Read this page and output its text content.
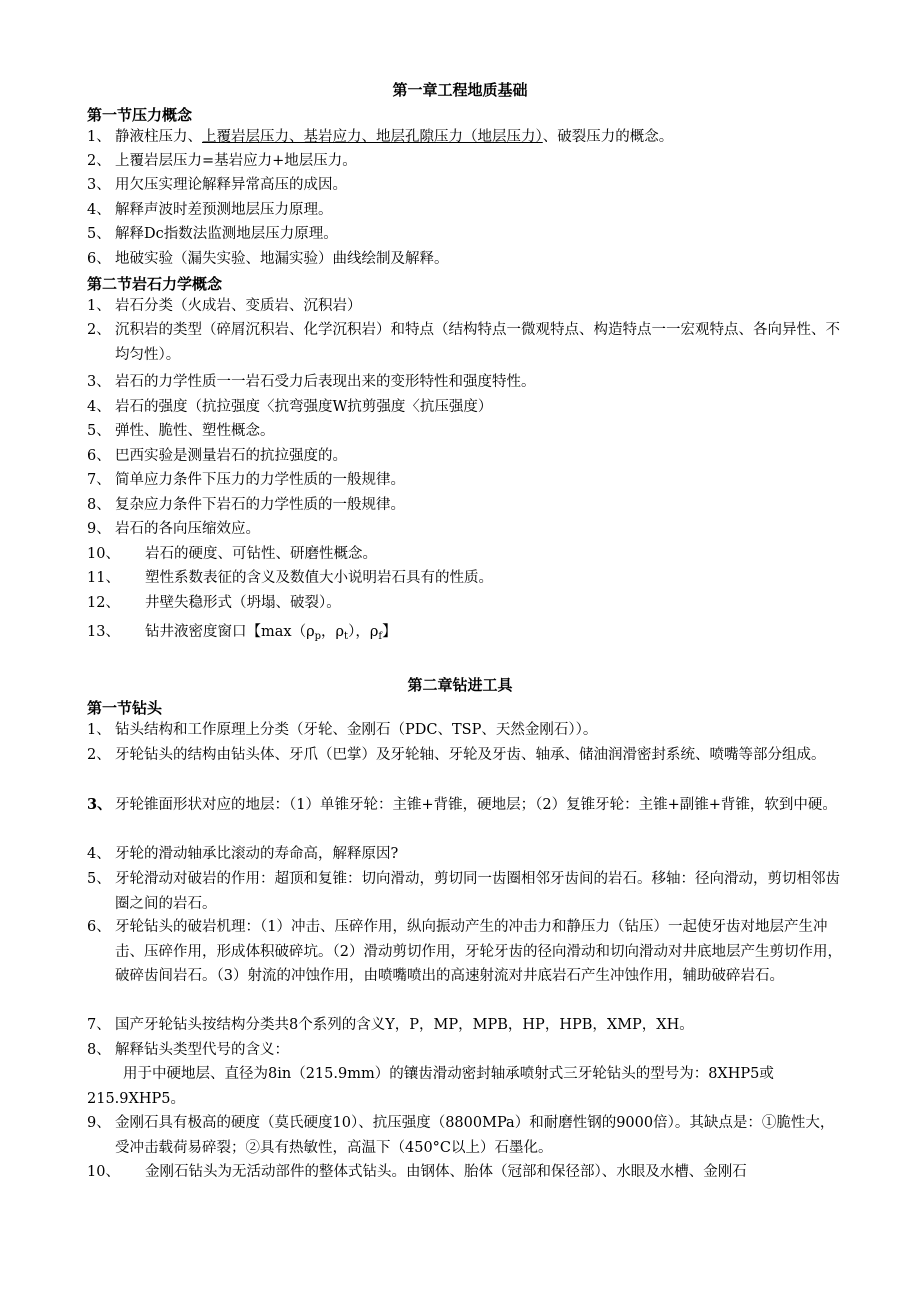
第一章工程地质基础
第一节压力概念
1、 静液柱压力、上覆岩层压力、基岩应力、地层孔隙压力（地层压力）、破裂压力的概念。
2、 上覆岩层压力=基岩应力+地层压力。
3、 用欠压实理论解释异常高压的成因。
4、 解释声波时差预测地层压力原理。
5、 解释Dc指数法监测地层压力原理。
6、 地破实验（漏失实验、地漏实验）曲线绘制及解释。
第二节岩石力学概念
1、 岩石分类（火成岩、变质岩、沉积岩）
2、 沉积岩的类型（碎屑沉积岩、化学沉积岩）和特点（结构特点一微观特点、构造特点一一宏观特点、各向异性、不均匀性）。
3、 岩石的力学性质一一岩石受力后表现出来的变形特性和强度特性。
4、 岩石的强度（抗拉强度〈抗弯强度W抗剪强度〈抗压强度）
5、 弹性、脆性、塑性概念。
6、 巴西实验是测量岩石的抗拉强度的。
7、 简单应力条件下压力的力学性质的一般规律。
8、 复杂应力条件下岩石的力学性质的一般规律。
9、 岩石的各向压缩效应。
10、 岩石的硬度、可钻性、研磨性概念。
11、 塑性系数表征的含义及数值大小说明岩石具有的性质。
12、 井壁失稳形式（坍塌、破裂）。
13、 钻井液密度窗口【$\max(\rho_p$，$\rho_t$），$\rho_f$】
第二章钻进工具
第一节钻头
1、 钻头结构和工作原理上分类（牙轮、金刚石（PDC、TSP、天然金刚石））。
2、 牙轮钻头的结构由钻头体、牙爪（巴掌）及牙轮轴、牙轮及牙齿、轴承、储油润滑密封系统、喷嘴等部分组成。
3、 牙轮锥面形状对应的地层：（1）单锥牙轮：主锥+背锥，硬地层；（2）复锥牙轮：主锥+副锥+背锥，软到中硬。
4、 牙轮的滑动轴承比滚动的寿命高，解释原因?
5、 牙轮滑动对破岩的作用：超顶和复锥：切向滑动，剪切同一齿圈相邻牙齿间的岩石。移轴：径向滑动，剪切相邻齿圈之间的岩石。
6、 牙轮钻头的破岩机理：（1）冲击、压碎作用，纵向振动产生的冲击力和静压力（钻压）一起使牙齿对地层产生冲击、压碎作用，形成体积破碎坑。（2）滑动剪切作用，牙轮牙齿的径向滑动和切向滑动对井底地层产生剪切作用，破碎齿间岩石。（3）射流的冲蚀作用，由喷嘴喷出的高速射流对井底岩石产生冲蚀作用，辅助破碎岩石。
7、 国产牙轮钻头按结构分类共8个系列的含义Y，P，MP，MPB，HP，HPB，XMP，XH。
8、 解释钻头类型代号的含义：
用于中硬地层、直径为8in（215.9mm）的镶齿滑动密封轴承喷射式三牙轮钻头的型号为：8XHP5或215.9XHP5。
9、 金刚石具有极高的硬度（莫氏硬度10）、抗压强度（8800MPa）和耐磨性钢的9000倍）。其缺点是：①脆性大，受冲击载荷易碎裂；②具有热敏性，高温下（450°C以上）石墨化。
10、 金刚石钻头为无活动部件的整体式钻头。由钢体、胎体（冠部和保径部）、水眼及水槽、金刚石
